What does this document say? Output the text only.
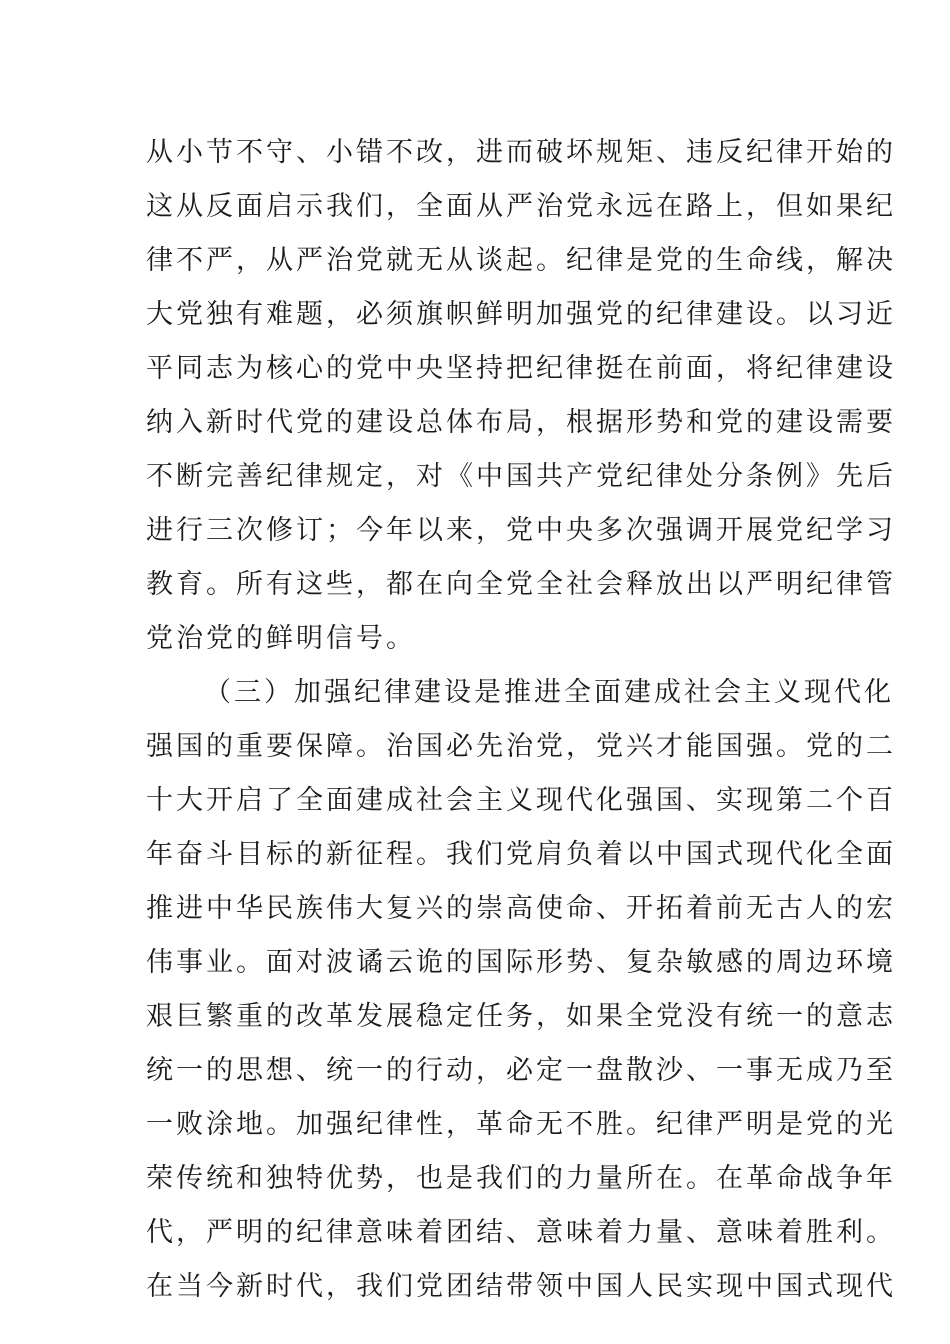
从小节不守、小错不改，进而破坏规矩、违反纪律开始的
这从反面启示我们，全面从严治党永远在路上，但如果纪
律不严，从严治党就无从谈起。纪律是党的生命线，解决
大党独有难题，必须旗帜鲜明加强党的纪律建设。以习近
平同志为核心的党中央坚持把纪律挺在前面，将纪律建设
纳入新时代党的建设总体布局，根据形势和党的建设需要
不断完善纪律规定，对《中国共产党纪律处分条例》先后
进行三次修订；今年以来，党中央多次强调开展党纪学习
教育。所有这些，都在向全党全社会释放出以严明纪律管
党治党的鲜明信号。
（三）加强纪律建设是推进全面建成社会主义现代化
强国的重要保障。治国必先治党，党兴才能国强。党的二
十大开启了全面建成社会主义现代化强国、实现第二个百
年奋斗目标的新征程。我们党肩负着以中国式现代化全面
推进中华民族伟大复兴的崇高使命、开拓着前无古人的宏
伟事业。面对波谲云诡的国际形势、复杂敏感的周边环境
艰巨繁重的改革发展稳定任务，如果全党没有统一的意志
统一的思想、统一的行动，必定一盘散沙、一事无成乃至
一败涂地。加强纪律性，革命无不胜。纪律严明是党的光
荣传统和独特优势，也是我们的力量所在。在革命战争年
代，严明的纪律意味着团结、意味着力量、意味着胜利。
在当今新时代，我们党团结带领中国人民实现中国式现代
